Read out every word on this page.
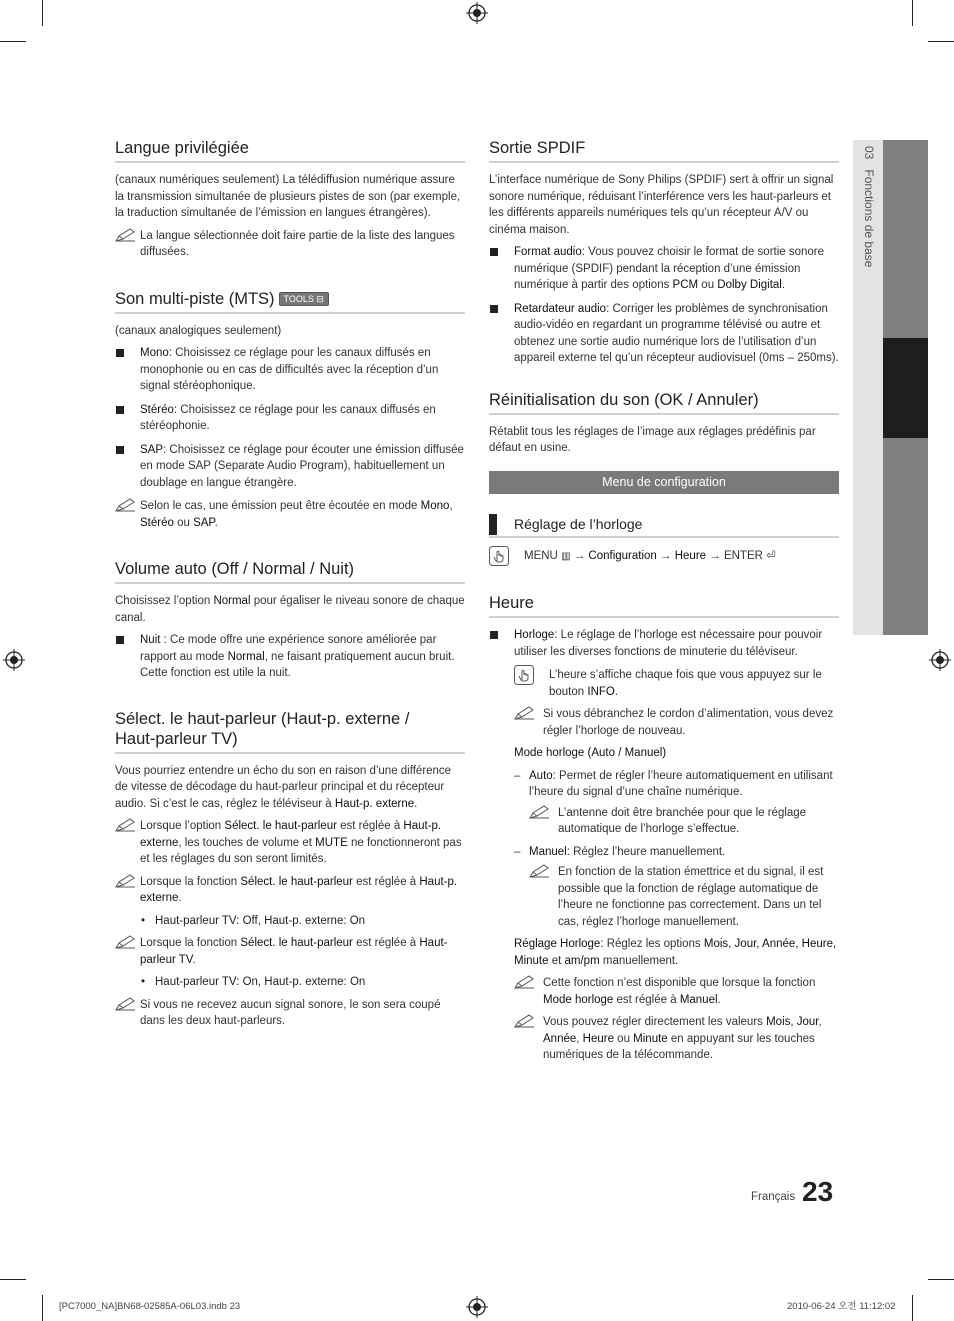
03   Fonctions de base
Langue privilégiée

(canaux numériques seulement) La télédiffusion numérique assure la transmission simultanée de plusieurs pistes de son (par exemple, la traduction simultanée de l’émission en langues étrangères).

La langue sélectionnée doit faire partie de la liste des langues diffusées.
Son multi-piste (MTS) TOOLS ⊟

(canaux analogiques seulement)

Mono: Choisissez ce réglage pour les canaux diffusés en monophonie ou en cas de difficultés avec la réception d’un signal stéréophonique.
Stéréo: Choisissez ce réglage pour les canaux diffusés en stéréophonie.
SAP: Choisissez ce réglage pour écouter une émission diffusée en mode SAP (Separate Audio Program), habituellement un doublage en langue étrangère.
Selon le cas, une émission peut être écoutée en mode Mono, Stéréo ou SAP.
Volume auto (Off / Normal / Nuit)

Choisissez l’option Normal pour égaliser le niveau sonore de chaque canal.

Nuit : Ce mode offre une expérience sonore améliorée par rapport au mode Normal, ne faisant pratiquement aucun bruit. Cette fonction est utile la nuit.
Sélect. le haut-parleur (Haut-p. externe /
Haut-parleur TV)

Vous pourriez entendre un écho du son en raison d’une différence de vitesse de décodage du haut-parleur principal et du récepteur audio. Si c’est le cas, réglez le téléviseur à Haut-p. externe.

Lorsque l’option Sélect. le haut-parleur est réglée à Haut-p. externe, les touches de volume et MUTE ne fonctionneront pas et les réglages du son seront limités.
Lorsque la fonction Sélect. le haut-parleur est réglée à Haut-p. externe.
• Haut-parleur TV: Off, Haut-p. externe: On
Lorsque la fonction Sélect. le haut-parleur est réglée à Haut-parleur TV.
• Haut-parleur TV: On, Haut-p. externe: On
Si vous ne recevez aucun signal sonore, le son sera coupé dans les deux haut-parleurs.
Sortie SPDIF

L’interface numérique de Sony Philips (SPDIF) sert à offrir un signal sonore numérique, réduisant l’interférence vers les haut-parleurs et les différents appareils numériques tels qu’un récepteur A/V ou cinéma maison.

Format audio: Vous pouvez choisir le format de sortie sonore numérique (SPDIF) pendant la réception d’une émission numérique à partir des options PCM ou Dolby Digital.
Retardateur audio: Corriger les problèmes de synchronisation audio-vidéo en regardant un programme télévisé ou autre et obtenez une sortie audio numérique lors de l’utilisation d’un appareil externe tel qu’un récepteur audiovisuel (0ms – 250ms).
Réinitialisation du son (OK / Annuler)

Rétablit tous les réglages de l’image aux réglages prédéfinis par défaut en usine.

Menu de configuration
Réglage de l’horloge
MENU ▥ → Configuration → Heure → ENTER ⏎
Heure
Horloge: Le réglage de l’horloge est nécessaire pour pouvoir utiliser les diverses fonctions de minuterie du téléviseur.
L’heure s’affiche chaque fois que vous appuyez sur le bouton INFO.
Si vous débranchez le cordon d’alimentation, vous devez régler l’horloge de nouveau.

Mode horloge (Auto / Manuel)

– Auto: Permet de régler l’heure automatiquement en utilisant l’heure du signal d’une chaîne numérique.
L’antenne doit être branchée pour que le réglage automatique de l’horloge s’effectue.
– Manuel: Réglez l’heure manuellement.
En fonction de la station émettrice et du signal, il est possible que la fonction de réglage automatique de l’heure ne fonctionne pas correctement. Dans un tel cas, réglez l’horloge manuellement.

Réglage Horloge: Réglez les options Mois, Jour, Année, Heure, Minute et am/pm manuellement.

Cette fonction n’est disponible que lorsque la fonction Mode horloge est réglée à Manuel.
Vous pouvez régler directement les valeurs Mois, Jour, Année, Heure ou Minute en appuyant sur les touches numériques de la télécommande.
Français 23
[PC7000_NA]BN68-02585A-06L03.indb 23	2010-06-24 오전 11:12:02
